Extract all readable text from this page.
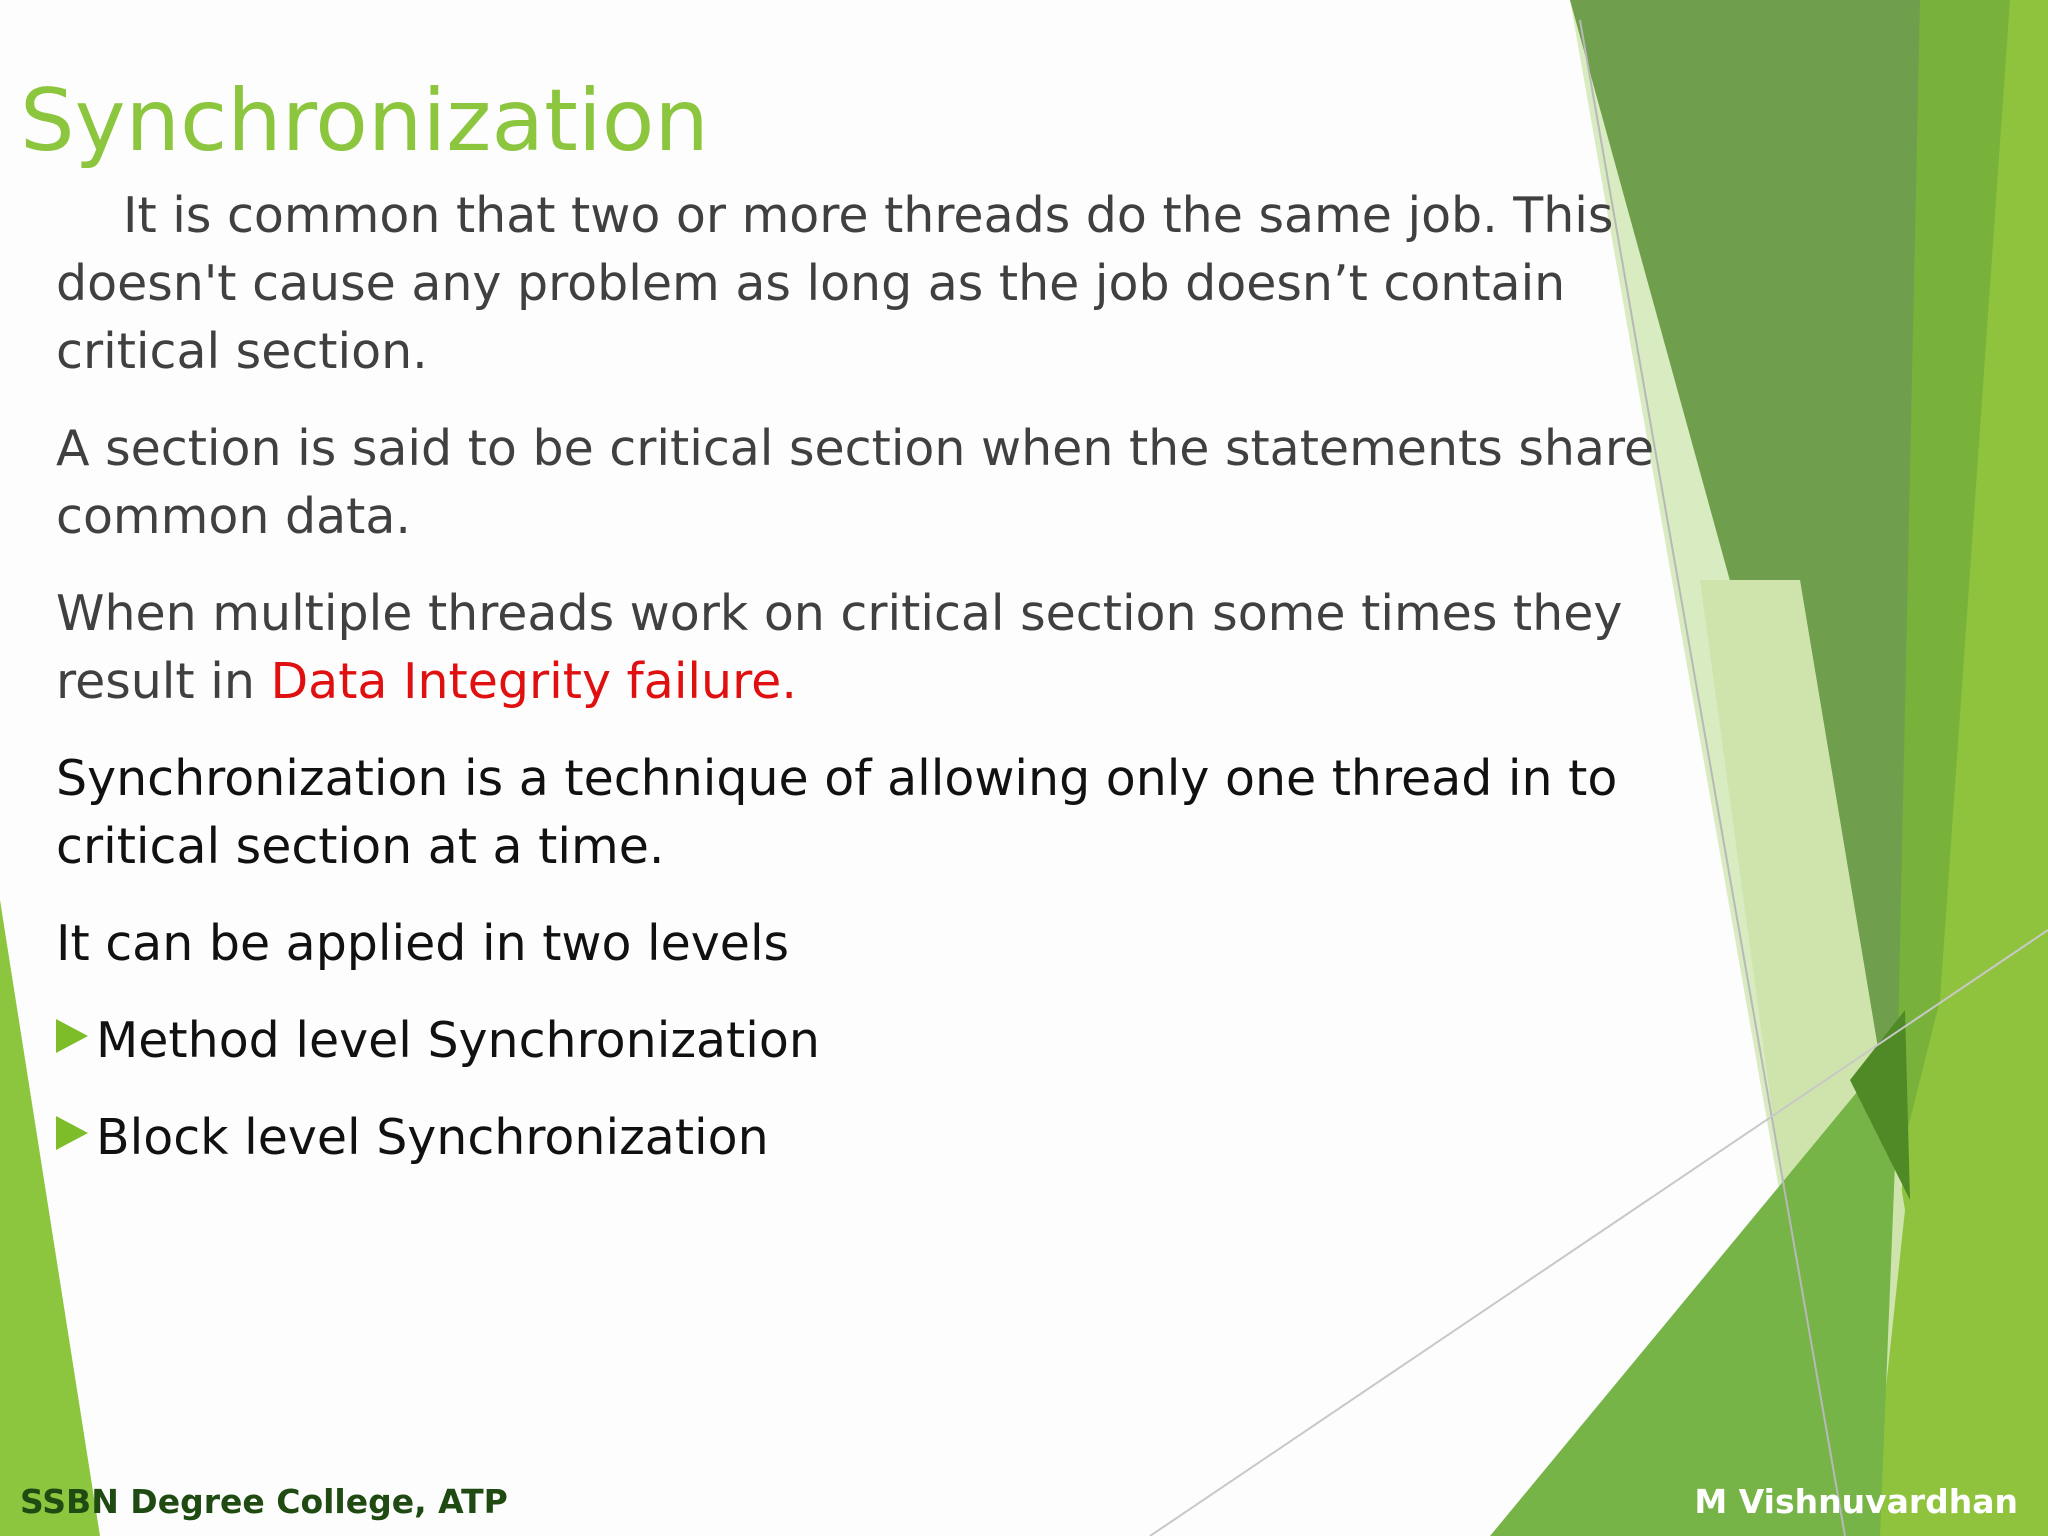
Synchronization

It is common that two or more threads do the same job. This doesn't cause any problem as long as the job doesn’t contain critical section.

A section is said to be critical section when the statements share common data.

When multiple threads work on critical section some times they result in Data Integrity failure.

Synchronization is a technique of allowing only one thread in to critical section at a time.

It can be applied in two levels

Method level Synchronization
Block level Synchronization
SSBN Degree College, ATP	M Vishnuvardhan
